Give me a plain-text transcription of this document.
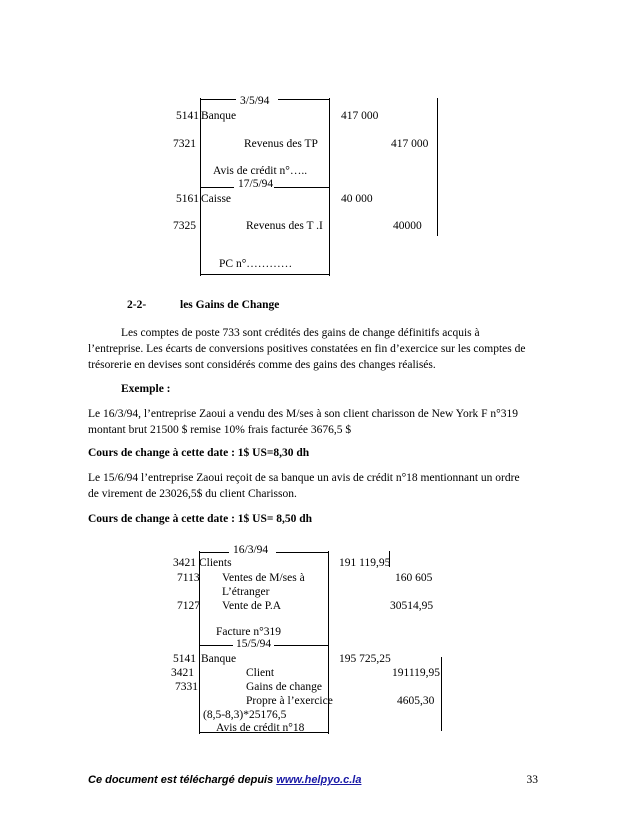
3/5/94
5141 Banque	417 000
7321	Revenus des TP	417 000
Avis de crédit n°…..
17/5/94
5161 Caisse	40 000
7325	Revenus des T .I	40000
PC n°…………
2-2-	les Gains de Change
Les comptes de poste 733 sont crédités des gains de change définitifs acquis à
l’entreprise. Les écarts de conversions positives constatées en fin d’exercice sur les comptes de
trésorerie en devises sont considérés comme des gains des changes réalisés.
Exemple :
Le 16/3/94, l’entreprise Zaoui a vendu des M/ses à son client charisson de New York F n°319
montant brut 21500 $ remise 10% frais facturée 3676,5 $
Cours de change à cette date : 1$ US=8,30 dh
Le 15/6/94 l’entreprise Zaoui reçoit de sa banque un avis de crédit n°18 mentionnant un ordre
de virement de 23026,5$ du client Charisson.
Cours de change à cette date : 1$ US= 8,50 dh
16/3/94
3421 Clients	191 119,95
7113 Ventes de M/ses à	160 605
L’étranger
7127 Vente de P.A	30514,95
Facture n°319
15/5/94
5141 Banque	195 725,25
3421	Client	191119,95
7331	Gains de change
Propre à l’exercice	4605,30
(8,5-8,3)*25176,5
Avis de crédit n°18
Ce document est téléchargé depuis www.helpyo.c.la	33
